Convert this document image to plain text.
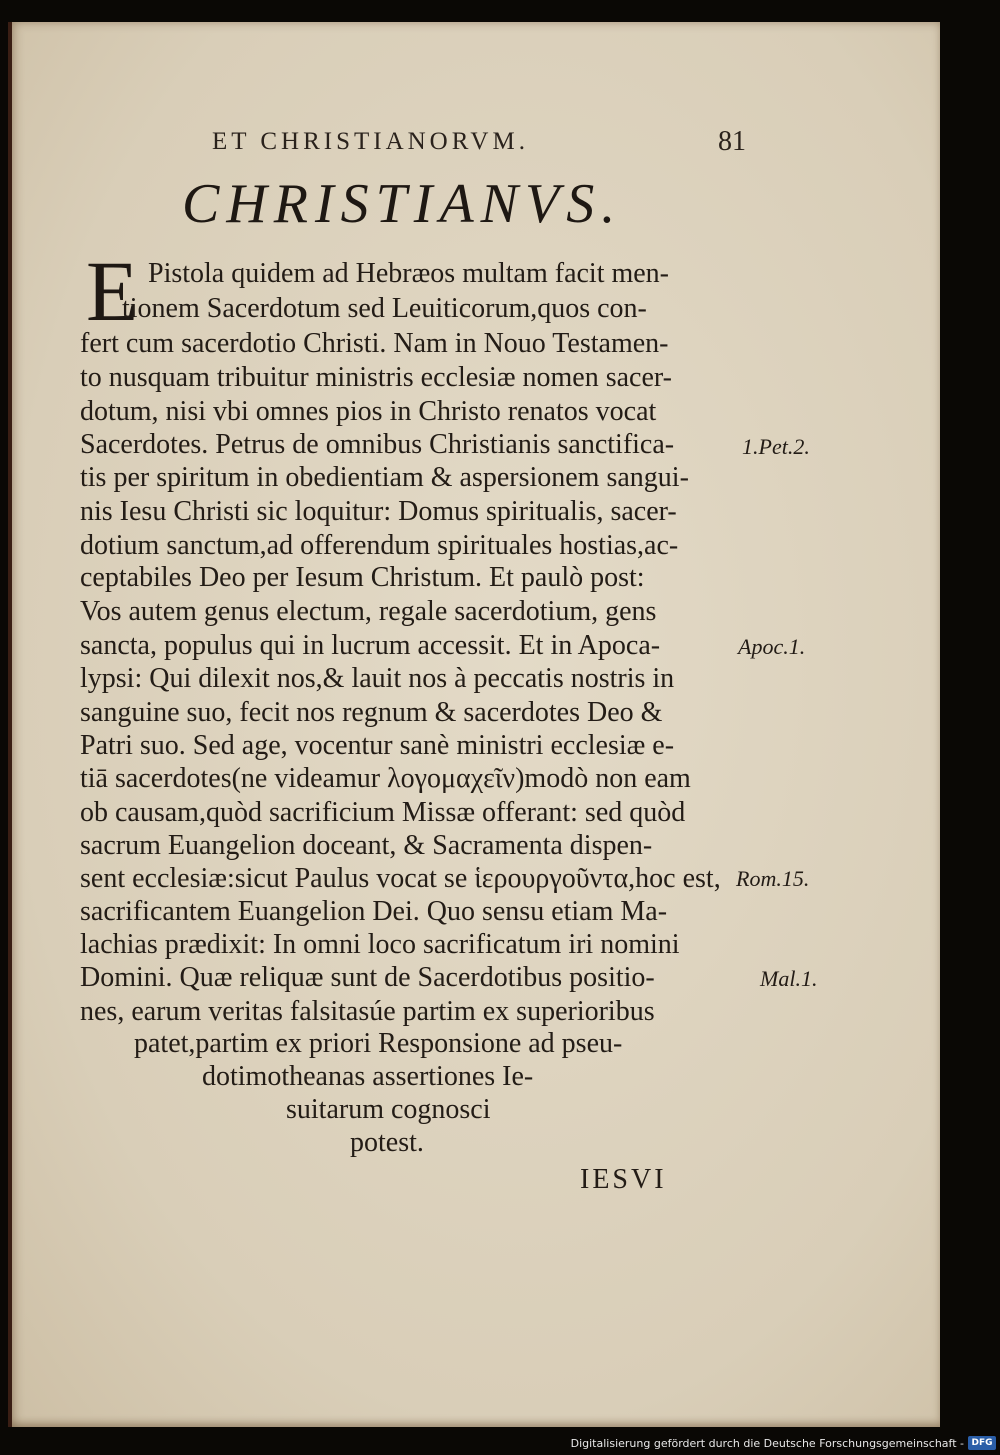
ET CHRISTIANORVM.	81
CHRISTIANVS.
E Pistola quidem ad Hebræos multam facit men-
tionem Sacerdotum sed Leuiticorum,quos con-
fert cum sacerdotio Christi. Nam in Nouo Testamen-
to nusquam tribuitur ministris ecclesiæ nomen sacer-
dotum, nisi vbi omnes pios in Christo renatos vocat
Sacerdotes. Petrus de omnibus Christianis sanctifica-
tis per spiritum in obedientiam & aspersionem sangui-
nis Iesu Christi sic loquitur: Domus spiritualis, sacer-
dotium sanctum,ad offerendum spirituales hostias,ac-
ceptabiles Deo per Iesum Christum. Et paulò post:
Vos autem genus electum, regale sacerdotium, gens
sancta, populus qui in lucrum accessit. Et in Apoca-
lypsi: Qui dilexit nos,& lauit nos à peccatis nostris in
sanguine suo, fecit nos regnum & sacerdotes Deo &
Patri suo. Sed age, vocentur sanè ministri ecclesiæ e-
tiā sacerdotes(ne videamur λογομαχεῖν)modò non eam
ob causam,quòd sacrificium Missæ offerant: sed quòd
sacrum Euangelion doceant, & Sacramenta dispen-
sent ecclesiæ:sicut Paulus vocat se ἱερουργοῦντα,hoc est,
sacrificantem Euangelion Dei. Quo sensu etiam Ma-
lachias prædixit: In omni loco sacrificatum iri nomini
Domini. Quæ reliquæ sunt de Sacerdotibus positio-
nes, earum veritas falsitasúe partim ex superioribus
patet,partim ex priori Responsione ad pseu-
dotimotheanas assertiones Ie-
suitarum cognosci
potest.
1.Pet.2.
Apoc.1.
Rom.15.
Mal.1.
IESVI
Digitalisierung gefördert durch die Deutsche Forschungsgemeinschaft - DFG
